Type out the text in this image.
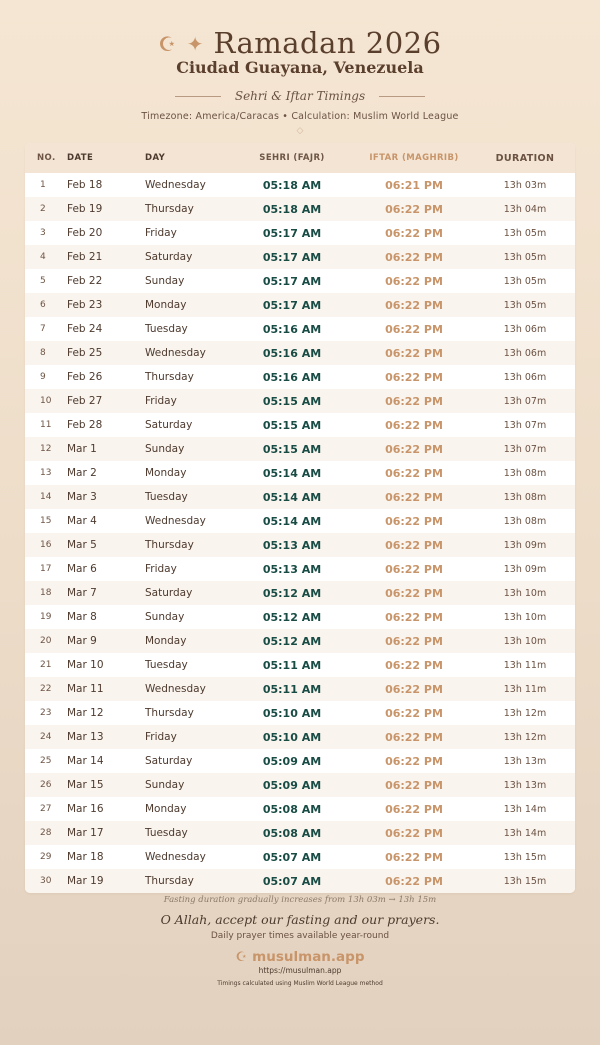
☪ ✦ Ramadan 2026
Ciudad Guayana, Venezuela
Sehri & Iftar Timings
Timezone: America/Caracas • Calculation: Muslim World League
◇
NO.	DATE	DAY	SEHRI (FAJR)	IFTAR (MAGHRIB)	DURATION
1	Feb 18	Wednesday	05:18 AM	06:21 PM	13h 03m
2	Feb 19	Thursday	05:18 AM	06:22 PM	13h 04m
3	Feb 20	Friday	05:17 AM	06:22 PM	13h 05m
4	Feb 21	Saturday	05:17 AM	06:22 PM	13h 05m
5	Feb 22	Sunday	05:17 AM	06:22 PM	13h 05m
6	Feb 23	Monday	05:17 AM	06:22 PM	13h 05m
7	Feb 24	Tuesday	05:16 AM	06:22 PM	13h 06m
8	Feb 25	Wednesday	05:16 AM	06:22 PM	13h 06m
9	Feb 26	Thursday	05:16 AM	06:22 PM	13h 06m
10	Feb 27	Friday	05:15 AM	06:22 PM	13h 07m
11	Feb 28	Saturday	05:15 AM	06:22 PM	13h 07m
12	Mar 1	Sunday	05:15 AM	06:22 PM	13h 07m
13	Mar 2	Monday	05:14 AM	06:22 PM	13h 08m
14	Mar 3	Tuesday	05:14 AM	06:22 PM	13h 08m
15	Mar 4	Wednesday	05:14 AM	06:22 PM	13h 08m
16	Mar 5	Thursday	05:13 AM	06:22 PM	13h 09m
17	Mar 6	Friday	05:13 AM	06:22 PM	13h 09m
18	Mar 7	Saturday	05:12 AM	06:22 PM	13h 10m
19	Mar 8	Sunday	05:12 AM	06:22 PM	13h 10m
20	Mar 9	Monday	05:12 AM	06:22 PM	13h 10m
21	Mar 10	Tuesday	05:11 AM	06:22 PM	13h 11m
22	Mar 11	Wednesday	05:11 AM	06:22 PM	13h 11m
23	Mar 12	Thursday	05:10 AM	06:22 PM	13h 12m
24	Mar 13	Friday	05:10 AM	06:22 PM	13h 12m
25	Mar 14	Saturday	05:09 AM	06:22 PM	13h 13m
26	Mar 15	Sunday	05:09 AM	06:22 PM	13h 13m
27	Mar 16	Monday	05:08 AM	06:22 PM	13h 14m
28	Mar 17	Tuesday	05:08 AM	06:22 PM	13h 14m
29	Mar 18	Wednesday	05:07 AM	06:22 PM	13h 15m
30	Mar 19	Thursday	05:07 AM	06:22 PM	13h 15m
Fasting duration gradually increases from 13h 03m → 13h 15m
O Allah, accept our fasting and our prayers.
Daily prayer times available year-round
☪ musulman.app
https://musulman.app
Timings calculated using Muslim World League method
